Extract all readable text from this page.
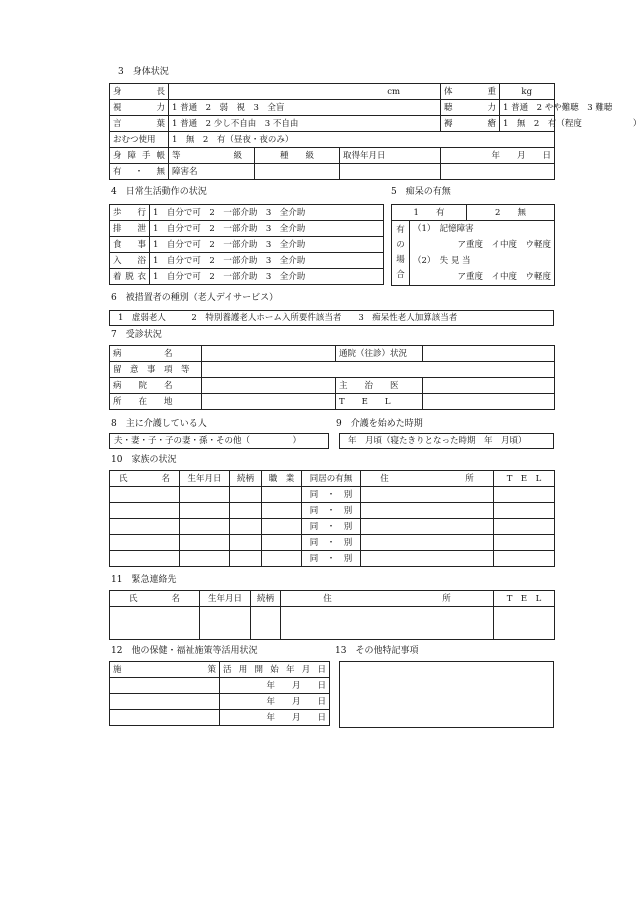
3　身体状況
身　　長	cm			体　　重	kg
視　　力	1 普通　2　弱　視　3　全盲			聴　　力	1 普通　2 やや難聴　3 難聴
言　　葉	1 普通　2 少し不自由　3 不自由			褥　　瘡	1　無　2　有（程度　　　　　　）
おむつ使用	1　無　2　有（昼夜・夜のみ）				
身障手帳	等　　級	種　　級	取得年月日	年　　月　　日	
有　・　無	障害名				
4　日常生活動作の状況
歩　行	1　自分で可　2　一部介助　3　全介助
排　泄	1　自分で可　2　一部介助　3　全介助
食　事	1　自分で可　2　一部介助　3　全介助
入　浴	1　自分で可　2　一部介助　3　全介助
着脱衣	1　自分で可　2　一部介助　3　全介助
5　痴呆の有無
1　　有		2　　無

有
の
場
合	（1）　記憶障害	
	ア重度　イ中度　ウ軽度	
	（2）　失 見 当	
	ア重度　イ中度　ウ軽度	
6　被措置者の種別（老人デイサービス）
1　虚弱老人　　　2　特別養護老人ホーム入所要件該当者　　3　痴呆性老人加算該当者
7　受診状況
病　　　　　名		通院（往診）状況	
留　意　事　項　等			
病　　院　　名		主　　治　　医	
所　　在　　地		T　　E　　L	
8　主に介護している人
夫・妻・子・子の妻・孫・その他（　　　　　）
9　介護を始めた時期
年　月頃（寝たきりとなった時期　年　月頃）
10　家族の状況
氏　　　　名	生年月日	続柄	職　業	同居の有無	住　　　　　　　　　所	T　E　L
				同　・　別		
				同　・　別		
				同　・　別		
				同　・　別		
				同　・　別		
11　緊急連絡先
氏　　　　名	生年月日	続柄	住　　　　　　　　　　　　　所	T　E　L

12　他の保健・福祉施策等活用状況
施　　　　　　策	活用開始年月日
	年　　月　　日
	年　　月　　日
	年　　月　　日
13　その他特記事項
